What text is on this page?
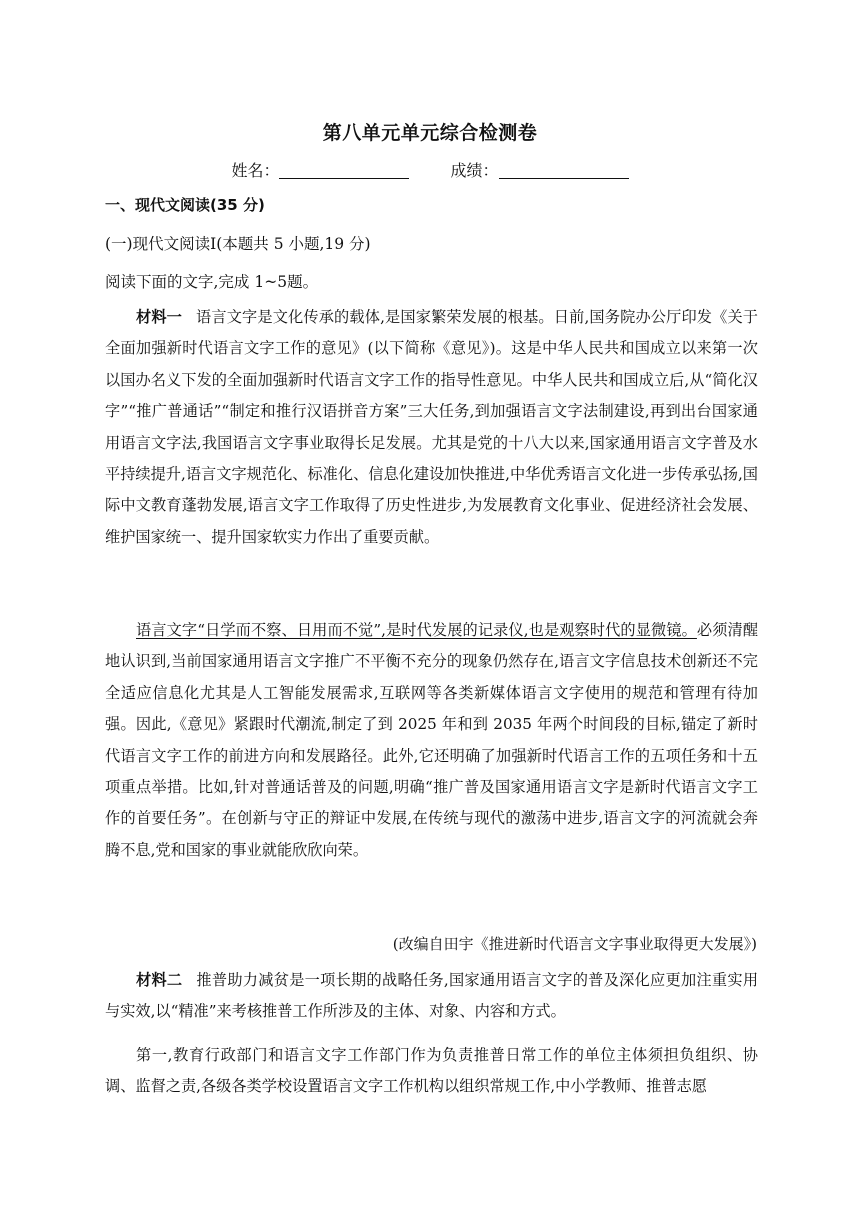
第八单元单元综合检测卷
姓名：	成绩：
一、现代文阅读(35 分)
(一)现代文阅读Ⅰ(本题共 5 小题,19 分)
阅读下面的文字,完成 1~5题。

材料一 语言文字是文化传承的载体,是国家繁荣发展的根基。日前,国务院办公厅印发《关于全面加强新时代语言文字工作的意见》(以下简称《意见》)。这是中华人民共和国成立以来第一次以国办名义下发的全面加强新时代语言文字工作的指导性意见。中华人民共和国成立后,从“简化汉字”“推广普通话”“制定和推行汉语拼音方案”三大任务,到加强语言文字法制建设,再到出台国家通用语言文字法,我国语言文字事业取得长足发展。尤其是党的十八大以来,国家通用语言文字普及水平持续提升,语言文字规范化、标准化、信息化建设加快推进,中华优秀语言文化进一步传承弘扬,国际中文教育蓬勃发展,语言文字工作取得了历史性进步,为发展教育文化事业、促进经济社会发展、维护国家统一、提升国家软实力作出了重要贡献。

语言文字“日学而不察、日用而不觉”,是时代发展的记录仪,也是观察时代的显微镜。必须清醒地认识到,当前国家通用语言文字推广不平衡不充分的现象仍然存在,语言文字信息技术创新还不完全适应信息化尤其是人工智能发展需求,互联网等各类新媒体语言文字使用的规范和管理有待加强。因此,《意见》紧跟时代潮流,制定了到 2025 年和到 2035 年两个时间段的目标,锚定了新时代语言文字工作的前进方向和发展路径。此外,它还明确了加强新时代语言工作的五项任务和十五项重点举措。比如,针对普通话普及的问题,明确“推广普及国家通用语言文字是新时代语言文字工作的首要任务”。在创新与守正的辩证中发展,在传统与现代的激荡中进步,语言文字的河流就会奔腾不息,党和国家的事业就能欣欣向荣。

(改编自田宇《推进新时代语言文字事业取得更大发展》)

材料二 推普助力减贫是一项长期的战略任务,国家通用语言文字的普及深化应更加注重实用与实效,以“精准”来考核推普工作所涉及的主体、对象、内容和方式。

第一,教育行政部门和语言文字工作部门作为负责推普日常工作的单位主体须担负组织、协调、监督之责,各级各类学校设置语言文字工作机构以组织常规工作,中小学教师、推普志愿
